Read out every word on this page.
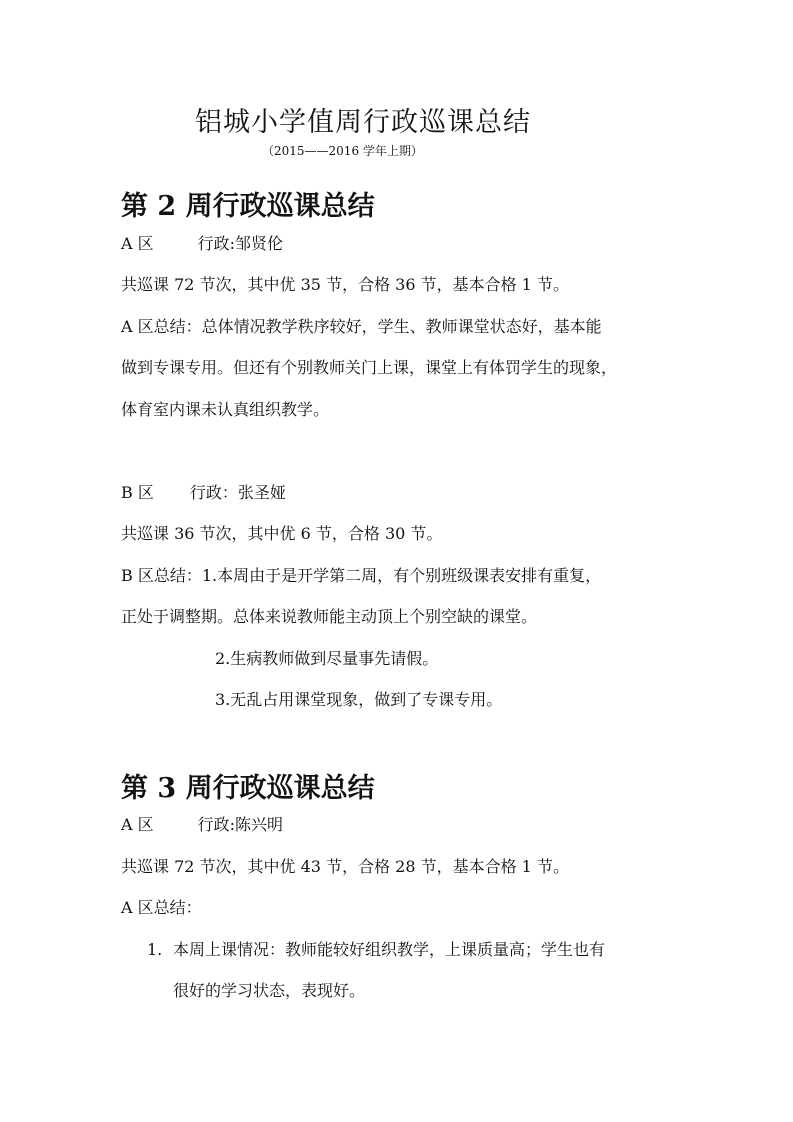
铝城小学值周行政巡课总结
（2015——2016 学年上期）
第 2 周行政巡课总结
A 区	行政:邹贤伦
共巡课 72 节次，其中优 35 节，合格 36 节，基本合格 1 节。
A 区总结：总体情况教学秩序较好，学生、教师课堂状态好，基本能
做到专课专用。但还有个别教师关门上课，课堂上有体罚学生的现象，
体育室内课未认真组织教学。
B 区 行政：张圣娅
共巡课 36 节次，其中优 6 节，合格 30 节。
B 区总结：1.本周由于是开学第二周，有个别班级课表安排有重复，
正处于调整期。总体来说教师能主动顶上个别空缺的课堂。
2.生病教师做到尽量事先请假。
3.无乱占用课堂现象，做到了专课专用。
第 3 周行政巡课总结
A 区	行政:陈兴明
共巡课 72 节次，其中优 43 节，合格 28 节，基本合格 1 节。
A 区总结：
1. 本周上课情况：教师能较好组织教学，上课质量高；学生也有
很好的学习状态，表现好。
